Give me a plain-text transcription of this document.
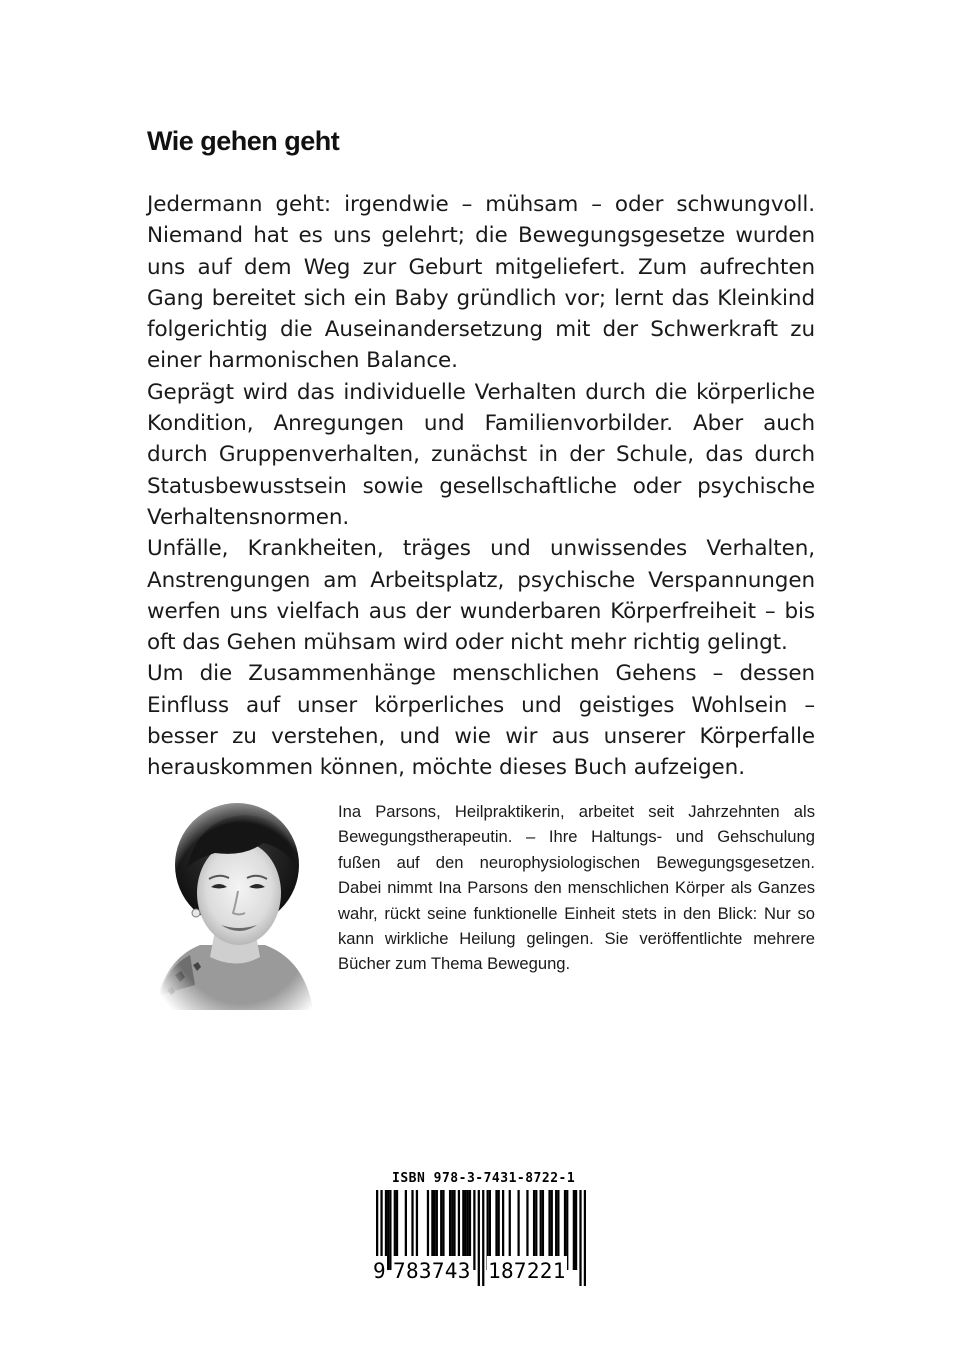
Wie gehen geht

Jedermann geht: irgendwie – mühsam – oder schwungvoll. Niemand hat es uns gelehrt; die Bewegungsgesetze wurden uns auf dem Weg zur Geburt mitgeliefert. Zum aufrechten Gang bereitet sich ein Baby gründlich vor; lernt das Kleinkind folgerichtig die Auseinandersetzung mit der Schwerkraft zu einer harmonischen Balance.

Geprägt wird das individuelle Verhalten durch die körperliche Kondition, Anregungen und Familienvorbilder. Aber auch durch Gruppenverhalten, zunächst in der Schule, das durch Statusbewusstsein sowie gesellschaftliche oder psychische Verhaltensnormen.

Unfälle, Krankheiten, träges und unwissendes Verhalten, Anstrengungen am Arbeitsplatz, psychische Verspannungen werfen uns vielfach aus der wunderbaren Körperfreiheit – bis oft das Gehen mühsam wird oder nicht mehr richtig gelingt.

Um die Zusammenhänge menschlichen Gehens – dessen Einfluss auf unser körperliches und geistiges Wohlsein – besser zu verstehen, und wie wir aus unserer Körperfalle herauskommen können, möchte dieses Buch aufzeigen.

Ina Parsons, Heilpraktikerin, arbeitet seit Jahrzehnten als Bewegungstherapeutin. – Ihre Haltungs- und Gehschulung fußen auf den neurophysiologischen Bewegungsgesetzen. Dabei nimmt Ina Parsons den menschlichen Körper als Ganzes wahr, rückt seine funktionelle Einheit stets in den Blick: Nur so kann wirkliche Heilung gelingen. Sie veröffentlichte mehrere Bücher zum Thema Bewegung.

ISBN 978-3-7431-8722-1
9 783743 187221
